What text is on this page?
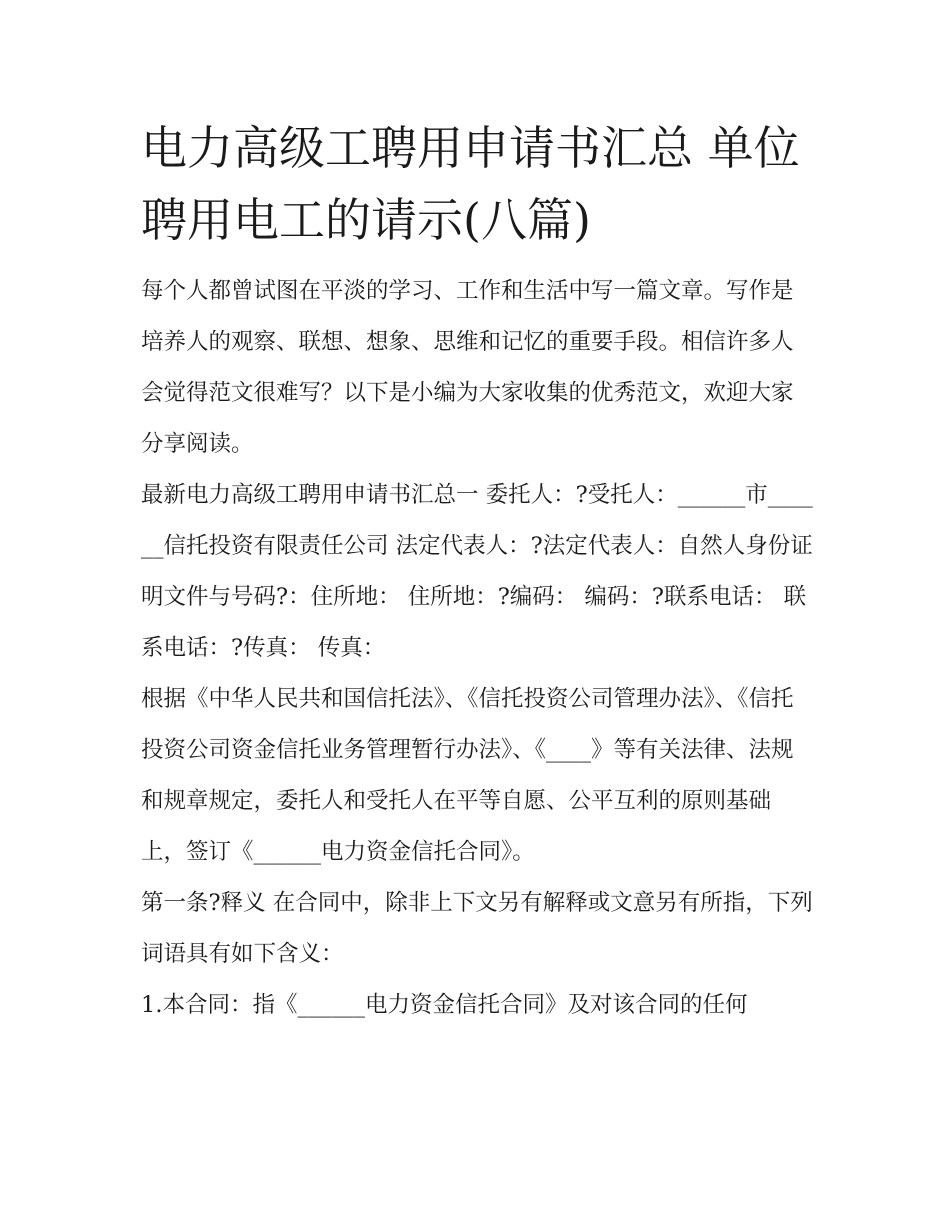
电力高级工聘用申请书汇总 单位聘用电工的请示(八篇)

每个人都曾试图在平淡的学习、工作和生活中写一篇文章。写作是培养人的观察、联想、想象、思维和记忆的重要手段。相信许多人会觉得范文很难写？以下是小编为大家收集的优秀范文，欢迎大家分享阅读。

最新电力高级工聘用申请书汇总一 委托人：?受托人：______市______信托投资有限责任公司 法定代表人：?法定代表人：自然人身份证明文件与号码?：住所地： 住所地：?编码： 编码：?联系电话： 联系电话：?传真： 传真：

根据《中华人民共和国信托法》、《信托投资公司管理办法》、《信托投资公司资金信托业务管理暂行办法》、《____》等有关法律、法规和规章规定，委托人和受托人在平等自愿、公平互利的原则基础上，签订《______电力资金信托合同》。

第一条?释义 在合同中，除非上下文另有解释或文意另有所指，下列词语具有如下含义：

1.本合同：指《______电力资金信托合同》及对该合同的任何
